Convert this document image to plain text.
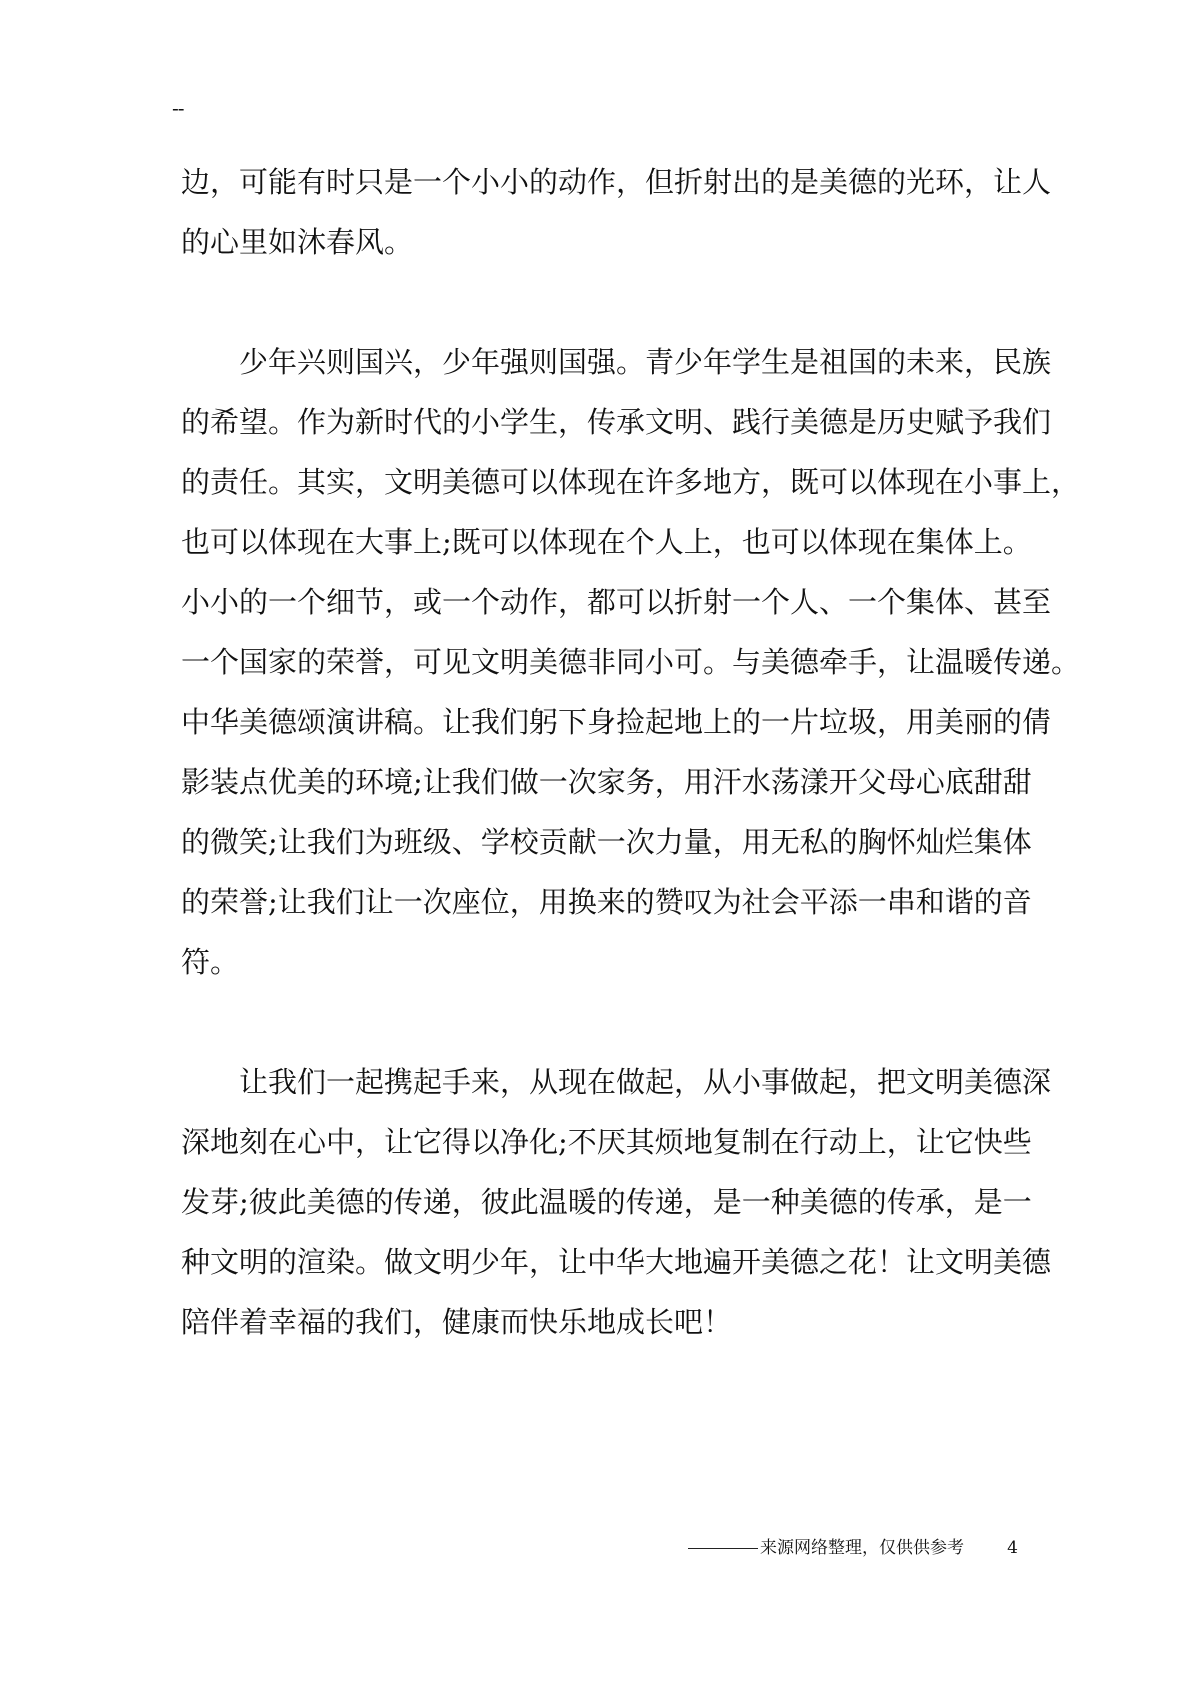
--
边，可能有时只是一个小小的动作，但折射出的是美德的光环，让人
的心里如沐春风。
少年兴则国兴，少年强则国强。青少年学生是祖国的未来，民族
的希望。作为新时代的小学生，传承文明、践行美德是历史赋予我们
的责任。其实，文明美德可以体现在许多地方，既可以体现在小事上，
也可以体现在大事上;既可以体现在个人上，也可以体现在集体上。
小小的一个细节，或一个动作，都可以折射一个人、一个集体、甚至
一个国家的荣誉，可见文明美德非同小可。与美德牵手，让温暖传递。
中华美德颂演讲稿。让我们躬下身捡起地上的一片垃圾，用美丽的倩
影装点优美的环境;让我们做一次家务，用汗水荡漾开父母心底甜甜
的微笑;让我们为班级、学校贡献一次力量，用无私的胸怀灿烂集体
的荣誉;让我们让一次座位，用换来的赞叹为社会平添一串和谐的音
符。
让我们一起携起手来，从现在做起，从小事做起，把文明美德深
深地刻在心中，让它得以净化;不厌其烦地复制在行动上，让它快些
发芽;彼此美德的传递，彼此温暖的传递，是一种美德的传承，是一
种文明的渲染。做文明少年，让中华大地遍开美德之花！让文明美德
陪伴着幸福的我们，健康而快乐地成长吧！
来源网络整理，仅供供参考	4
